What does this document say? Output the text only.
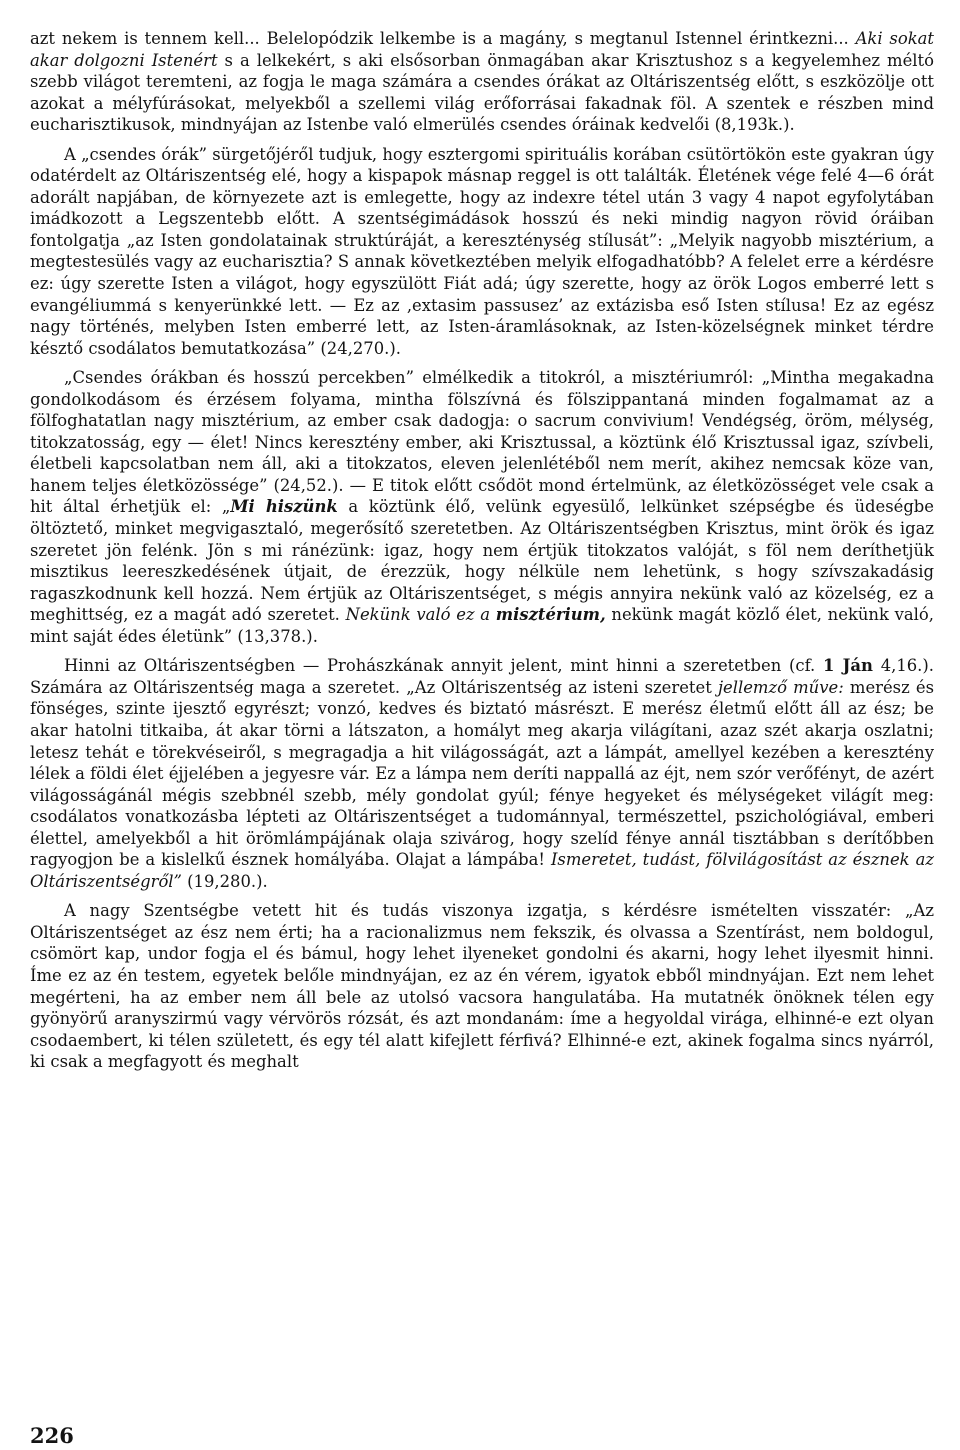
azt nekem is tennem kell... Belelopódzik lelkembe is a magány, s megtanul Istennel érintkezni... Aki sokat akar dolgozni Istenért s a lelkekért, s aki elsősorban önmagában akar Krisztushoz s a kegyelemhez méltó szebb világot teremteni, az fogja le maga számára a csendes órákat az Oltáriszentség előtt, s eszközölje ott azokat a mélyfúrásokat, melyekből a szellemi világ erőforrásai fakadnak föl. A szentek e részben mind eucharisztikusok, mindnyájan az Istenbe való elmerülés csendes óráinak kedvelői (8,193k.).

A „csendes órák” sürgetőjéről tudjuk, hogy esztergomi spirituális korában csütörtökön este gyakran úgy odatérdelt az Oltáriszentség elé, hogy a kispapok másnap reggel is ott találták. Életének vége felé 4—6 órát adorált napjában, de környezete azt is emlegette, hogy az indexre tétel után 3 vagy 4 napot egyfolytában imádkozott a Legszentebb előtt. A szentségimádások hosszú és neki mindig nagyon rövid óráiban fontolgatja „az Isten gondolatainak struktúráját, a kereszténység stílusát”: „Melyik nagyobb misztérium, a megtestesülés vagy az eucharisztia? S annak következtében melyik elfogadhatóbb? A felelet erre a kérdésre ez: úgy szerette Isten a világot, hogy egyszülött Fiát adá; úgy szerette, hogy az örök Logos emberré lett s evangéliummá s kenyerünkké lett. — Ez az ,extasim passusez’ az extázisba eső Isten stílusa! Ez az egész nagy történés, melyben Isten emberré lett, az Isten-áramlásoknak, az Isten-közelségnek minket térdre késztő csodálatos bemutatkozása” (24,270.).

„Csendes órákban és hosszú percekben” elmélkedik a titokról, a misztériumról: „Mintha megakadna gondolkodásom és érzésem folyama, mintha fölszívná és fölszippantaná minden fogalmamat az a fölfoghatatlan nagy misztérium, az ember csak dadogja: o sacrum convivium! Vendégség, öröm, mélység, titokzatosság, egy — élet! Nincs keresztény ember, aki Krisztussal, a köztünk élő Krisztussal igaz, szívbeli, életbeli kapcsolatban nem áll, aki a titokzatos, eleven jelenlétéből nem merít, akihez nemcsak köze van, hanem teljes életközössége” (24,52.). — E titok előtt csődöt mond értelmünk, az életközösséget vele csak a hit által érhetjük el: „Mi hiszünk a köztünk élő, velünk egyesülő, lelkünket szépségbe és üdeségbe öltöztető, minket megvigasztaló, megerősítő szeretetben. Az Oltáriszentségben Krisztus, mint örök és igaz szeretet jön felénk. Jön s mi ránézünk: igaz, hogy nem értjük titokzatos valóját, s föl nem deríthetjük misztikus leereszkedésének útjait, de érezzük, hogy nélküle nem lehetünk, s hogy szívszakadásig ragaszkodnunk kell hozzá. Nem értjük az Oltáriszentséget, s mégis annyira nekünk való az közelség, ez a meghittség, ez a magát adó szeretet. Nekünk való ez a misztérium, nekünk magát közlő élet, nekünk való, mint saját édes életünk” (13,378.).

Hinni az Oltáriszentségben — Prohászkának annyit jelent, mint hinni a szeretetben (cf. 1 Ján 4,16.). Számára az Oltáriszentség maga a szeretet. „Az Oltáriszentség az isteni szeretet jellemző műve: merész és fönséges, szinte ijesztő egyrészt; vonzó, kedves és biztató másrészt. E merész életmű előtt áll az ész; be akar hatolni titkaiba, át akar törni a látszaton, a homályt meg akarja világítani, azaz szét akarja oszlatni; letesz tehát e törekvéseiről, s megragadja a hit világosságát, azt a lámpát, amellyel kezében a keresztény lélek a földi élet éjjelében a jegyesre vár. Ez a lámpa nem deríti nappallá az éjt, nem szór verőfényt, de azért világosságánál mégis szebbnél szebb, mély gondolat gyúl; fénye hegyeket és mélységeket világít meg: csodálatos vonatkozásba lépteti az Oltáriszentséget a tudománnyal, természettel, pszichológiával, emberi élettel, amelyekből a hit örömlámpájának olaja szivárog, hogy szelíd fénye annál tisztábban s derítőbben ragyogjon be a kislelkű észnek homályába. Olajat a lámpába! Ismeretet, tudást, fölvilágosítást az észnek az Oltáriszentségről” (19,280.).

A nagy Szentségbe vetett hit és tudás viszonya izgatja, s kérdésre ismételten visszatér: „Az Oltáriszentséget az ész nem érti; ha a racionalizmus nem fekszik, és olvassa a Szentírást, nem boldogul, csömört kap, undor fogja el és bámul, hogy lehet ilyeneket gondolni és akarni, hogy lehet ilyesmit hinni. Íme ez az én testem, egyetek belőle mindnyájan, ez az én vérem, igyatok ebből mindnyájan. Ezt nem lehet megérteni, ha az ember nem áll bele az utolsó vacsora hangulatába. Ha mutatnék önöknek télen egy gyönyörű aranyszirmú vagy vérvörös rózsát, és azt mondanám: íme a hegyoldal virága, elhinné-e ezt olyan csodaembert, ki télen született, és egy tél alatt kifejlett férfivá? Elhinné-e ezt, akinek fogalma sincs nyárról, ki csak a megfagyott és meghalt

226
